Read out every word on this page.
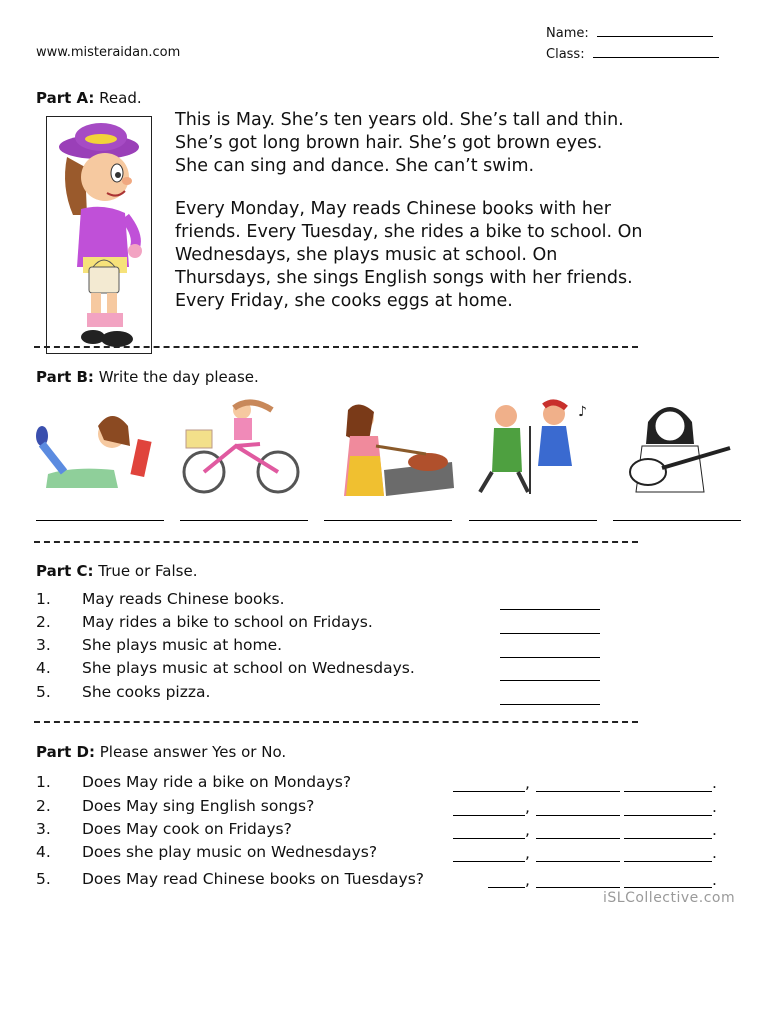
Name:
Class:
www.misteraidan.com
Part A: Read.
This is May. She’s ten years old. She’s tall and thin.
She’s got long brown hair. She’s got brown eyes.
She can sing and dance. She can’t swim.
Every Monday, May reads Chinese books with her
friends. Every Tuesday, she rides a bike to school. On
Wednesdays, she plays music at school. On
Thursdays, she sings English songs with her friends.
Every Friday, she cooks eggs at home.
Part B: Write the day please.
♪
Part C: True or False.
1. May reads Chinese books.
2. May rides a bike to school on Fridays.
3. She plays music at home.
4. She plays music at school on Wednesdays.
5. She cooks pizza.
Part D: Please answer Yes or No.
1. Does May ride a bike on Mondays?	,	.
2. Does May sing English songs?	,	.
3. Does May cook on Fridays?	,	.
4. Does she play music on Wednesdays?	,	.
5. Does May read Chinese books on Tuesdays?	,	.
iSLCollective.com
